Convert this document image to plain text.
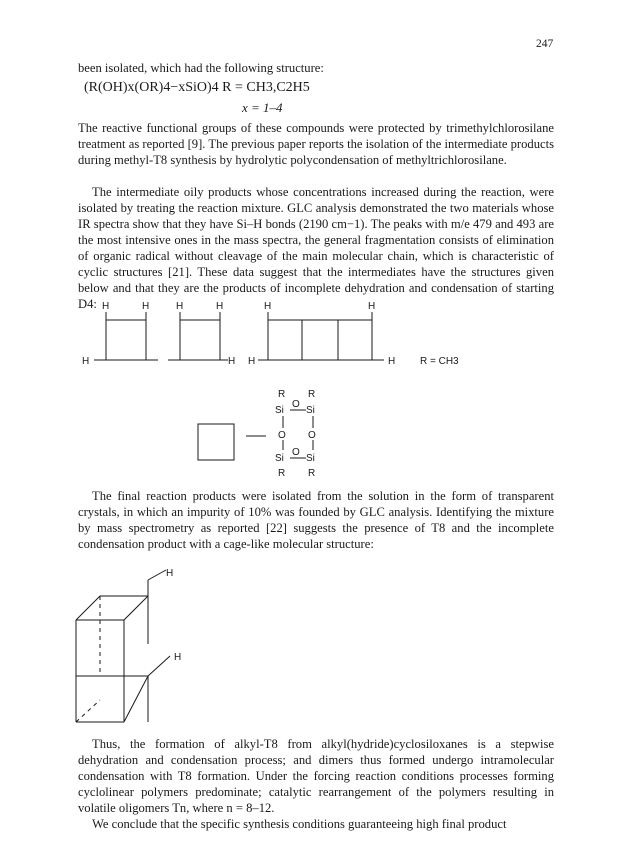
247

been isolated, which had the following structure:

(R(OH)x(OR)4−xSiO)4 R = CH3,C2H5
x = 1–4

The reactive functional groups of these compounds were protected by trimethylchlorosilane treatment as reported [9]. The previous paper reports the isolation of the intermediate products during methyl-T8 synthesis by hydrolytic polycondensation of methyltrichlorosilane.

The intermediate oily products whose concentrations increased during the reaction, were isolated by treating the reaction mixture. GLC analysis demonstrated the two materials whose IR spectra show that they have Si–H bonds (2190 cm−1). The peaks with m/e 479 and 493 are the most intensive ones in the mass spectra, the general fragmentation consists of elimination of organic radical without cleavage of the main molecular chain, which is characteristic of cyclic structures [21]. These data suggest that the intermediates have the structures given below and that they are the products of incomplete dehydration and condensation of starting D4: H	H	H	H	H	H
H	H H	H R = CH3
R R
Si Si
O
O O
Si Si
O
R R

The final reaction products were isolated from the solution in the form of transparent crystals, in which an impurity of 10% was founded by GLC analysis. Identifying the mixture by mass spectrometry as reported [22] suggests the presence of T8 and the incomplete condensation product with a cage-like molecular structure:

H
H

Thus, the formation of alkyl-T8 from alkyl(hydride)cyclosiloxanes is a stepwise dehydration and condensation process; and dimers thus formed undergo intramolecular condensation with T8 formation. Under the forcing reaction conditions processes forming cyclolinear polymers predominate; catalytic rearrangement of the polymers resulting in volatile oligomers Tn, where n = 8–12.

We conclude that the specific synthesis conditions guaranteeing high final product
